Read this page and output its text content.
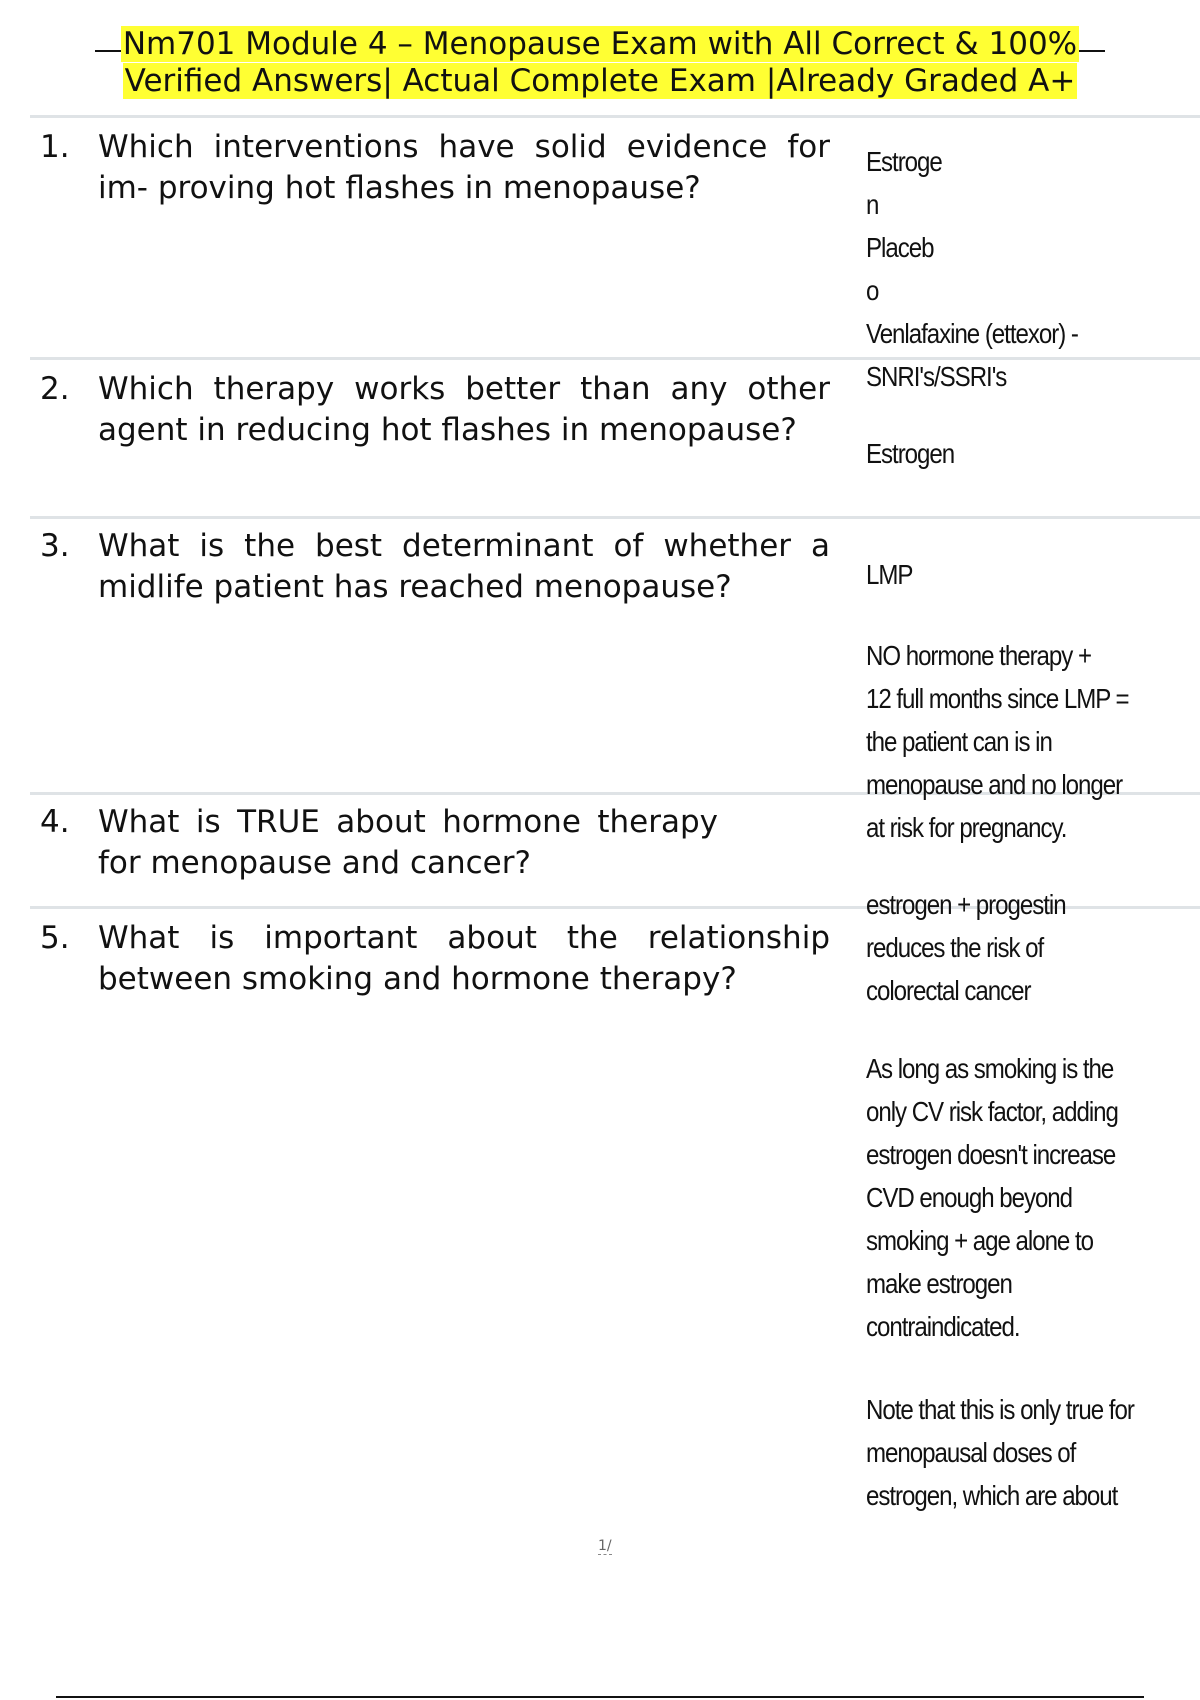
Nm701 Module 4 – Menopause Exam with All Correct & 100%
Verified Answers| Actual Complete Exam |Already Graded A+
1. Which interventions have solid evidence for im- proving hot flashes in menopause?
2. Which therapy works better than any other agent in reducing hot flashes in menopause?
3. What is the best determinant of whether a midlife patient has reached menopause?
4. What is TRUE about hormone therapy for menopause and cancer?
5. What is important about the relationship between smoking and hormone therapy?
Estroge
n
Placeb
o
Venlafaxine (ettexor) -
SNRI's/SSRI's
Estrogen
LMP
NO hormone therapy +
12 full months since LMP =
the patient can is in
menopause and no longer
at risk for pregnancy.
estrogen + progestin
reduces the risk of
colorectal cancer
As long as smoking is the
only CV risk factor, adding
estrogen doesn't increase
CVD enough beyond
smoking + age alone to
make estrogen
contraindicated.
Note that this is only true for
menopausal doses of
estrogen, which are about
1/
